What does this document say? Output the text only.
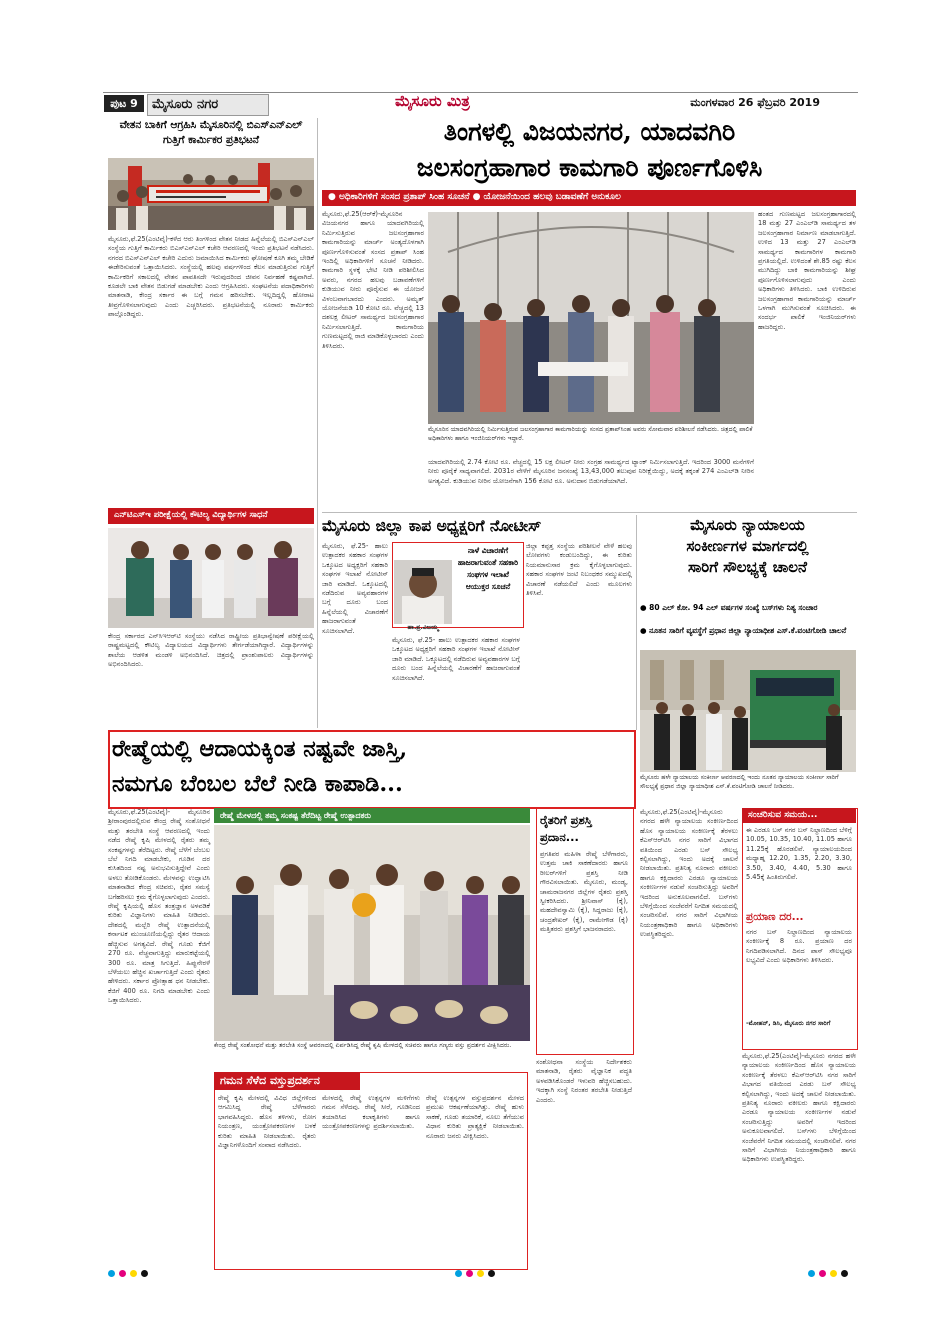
ಪುಟ 9	ಮೈಸೂರು ನಗರ	ಮೈಸೂರು ಮಿತ್ರ	ಮಂಗಳವಾರ 26 ಫೆಬ್ರವರಿ 2019
ವೇತನ ಬಾಕಿಗೆ ಆಗ್ರಹಿಸಿ ಮೈಸೂರಿನಲ್ಲಿ ಬಿಎಸ್‌ಎನ್‌ಎಲ್ ಗುತ್ತಿಗೆ ಕಾರ್ಮಿಕರ ಪ್ರತಿಭಟನೆ
ಮೈಸೂರು,ಫೆ.25(ಎಂಟಿವೈ)-ಕಳೆದ ಆರು ತಿಂಗಳಿಂದ ವೇತನ ನೀಡದ ಹಿನ್ನೆಲೆಯಲ್ಲಿ ಬಿಎಸ್‌ಎನ್‌ಎಲ್ ಸಂಸ್ಥೆಯ ಗುತ್ತಿಗೆ ಕಾರ್ಮಿಕರು ಬಿಎಸ್‌ಎನ್‌ಎಲ್ ಕಚೇರಿ ಆವರಣದಲ್ಲಿ ಇಂದು ಪ್ರತಿಭಟನೆ ನಡೆಸಿದರು. ನಗರದ ಬಿಎಸ್‌ಎನ್‌ಎಲ್ ಕಚೇರಿ ಎದುರು ಜಮಾಯಿಸಿದ ಕಾರ್ಮಿಕರು ಘೋಷಣೆ ಕೂಗಿ ತಮ್ಮ ಬೇಡಿಕೆ ಈಡೇರಿಸುವಂತೆ ಒತ್ತಾಯಿಸಿದರು. ಸಂಸ್ಥೆಯಲ್ಲಿ ಹಲವು ವರ್ಷಗಳಿಂದ ಕೆಲಸ ಮಾಡುತ್ತಿರುವ ಗುತ್ತಿಗೆ ಕಾರ್ಮಿಕರಿಗೆ ಸಕಾಲದಲ್ಲಿ ವೇತನ ಪಾವತಿಸದೇ ಇರುವುದರಿಂದ ಜೀವನ ನಿರ್ವಹಣೆ ಕಷ್ಟವಾಗಿದೆ. ಕೂಡಲೇ ಬಾಕಿ ವೇತನ ಬಿಡುಗಡೆ ಮಾಡಬೇಕು ಎಂದು ಆಗ್ರಹಿಸಿದರು. ಸಂಘಟನೆಯ ಪದಾಧಿಕಾರಿಗಳು ಮಾತನಾಡಿ, ಕೇಂದ್ರ ಸರ್ಕಾರ ಈ ಬಗ್ಗೆ ಗಮನ ಹರಿಸಬೇಕು. ಇಲ್ಲದಿದ್ದಲ್ಲಿ ಹೋರಾಟ ತೀವ್ರಗೊಳಿಸಲಾಗುವುದು ಎಂದು ಎಚ್ಚರಿಸಿದರು. ಪ್ರತಿಭಟನೆಯಲ್ಲಿ ನೂರಾರು ಕಾರ್ಮಿಕರು ಪಾಲ್ಗೊಂಡಿದ್ದರು.
ಎನ್‌ಟಿಎಸ್‌ಇ ಪರೀಕ್ಷೆಯಲ್ಲಿ ಕೌಟಿಲ್ಯ ವಿದ್ಯಾರ್ಥಿಗಳ ಸಾಧನೆ
ಕೇಂದ್ರ ಸರ್ಕಾರದ ಎನ್‌ಸಿಇಆರ್‌ಟಿ ಸಂಸ್ಥೆಯು ನಡೆಸಿದ ರಾಷ್ಟ್ರೀಯ ಪ್ರತಿಭಾನ್ವೇಷಣೆ ಪರೀಕ್ಷೆಯಲ್ಲಿ ರಾಷ್ಟ್ರಮಟ್ಟದಲ್ಲಿ ಕೌಟಿಲ್ಯ ವಿದ್ಯಾಲಯದ ವಿದ್ಯಾರ್ಥಿಗಳು ತೇರ್ಗಡೆಯಾಗಿದ್ದಾರೆ. ವಿದ್ಯಾರ್ಥಿಗಳನ್ನು ಶಾಲೆಯ ಆಡಳಿತ ಮಂಡಳಿ ಅಭಿನಂದಿಸಿದೆ. ಚಿತ್ರದಲ್ಲಿ ಪ್ರಾಂಶುಪಾಲರು ವಿದ್ಯಾರ್ಥಿಗಳನ್ನು ಅಭಿನಂದಿಸಿದರು.
ತಿಂಗಳಲ್ಲಿ ವಿಜಯನಗರ, ಯಾದವಗಿರಿ
ಜಲಸಂಗ್ರಹಾಗಾರ ಕಾಮಗಾರಿ ಪೂರ್ಣಗೊಳಿಸಿ
● ಅಧಿಕಾರಿಗಳಿಗೆ ಸಂಸದ ಪ್ರತಾಪ್ ಸಿಂಹ ಸೂಚನೆ ● ಯೋಜನೆಯಿಂದ ಹಲವು ಬಡಾವಣೆಗೆ ಅನುಕೂಲ
ಮೈಸೂರು,ಫೆ.25(ಆರ್‌ಕೆ)-ಮೈಸೂರಿನ ವಿಜಯನಗರ ಹಾಗೂ ಯಾದವಗಿರಿಯಲ್ಲಿ ನಿರ್ಮಿಸುತ್ತಿರುವ ಜಲಸಂಗ್ರಹಾಗಾರ ಕಾಮಗಾರಿಯನ್ನು ಮಾರ್ಚ್ ಅಂತ್ಯದೊಳಗಾಗಿ ಪೂರ್ಣಗೊಳಿಸುವಂತೆ ಸಂಸದ ಪ್ರತಾಪ್ ಸಿಂಹ ಇಂದಿಲ್ಲಿ ಅಧಿಕಾರಿಗಳಿಗೆ ಸೂಚನೆ ನೀಡಿದರು. ಕಾಮಗಾರಿ ಸ್ಥಳಕ್ಕೆ ಭೇಟಿ ನೀಡಿ ಪರಿಶೀಲಿಸಿದ ಅವರು, ನಗರದ ಹಲವು ಬಡಾವಣೆಗಳಿಗೆ ಕುಡಿಯುವ ನೀರು ಪೂರೈಸುವ ಈ ಯೋಜನೆ ವಿಳಂಬವಾಗಬಾರದು ಎಂದರು. ಅಮೃತ್ ಯೋಜನೆಯಡಿ 10 ಕೋಟಿ ರೂ. ವೆಚ್ಚದಲ್ಲಿ 13 ದಶಲಕ್ಷ ಲೀಟರ್ ಸಾಮರ್ಥ್ಯದ ಜಲಸಂಗ್ರಹಾಗಾರ ನಿರ್ಮಿಸಲಾಗುತ್ತಿದೆ. ಕಾಮಗಾರಿಯ ಗುಣಮಟ್ಟದಲ್ಲಿ ರಾಜಿ ಮಾಡಿಕೊಳ್ಳಬಾರದು ಎಂದು ತಿಳಿಸಿದರು.
ಮೈಸೂರಿನ ಯಾದವಗಿರಿಯಲ್ಲಿ ನಿರ್ಮಿಸುತ್ತಿರುವ ಜಲಸಂಗ್ರಹಾಗಾರ ಕಾಮಗಾರಿಯನ್ನು ಸಂಸದ ಪ್ರತಾಪ್‌ಸಿಂಹ ಅವರು ಸೋಮವಾರ ಪರಿಶೀಲನೆ ನಡೆಸಿದರು. ಚಿತ್ರದಲ್ಲಿ ಪಾಲಿಕೆ ಅಧಿಕಾರಿಗಳು ಹಾಗೂ ಇಂಜಿನಿಯರ್‌ಗಳು ಇದ್ದಾರೆ.
ಯಾದವಗಿರಿಯಲ್ಲಿ 2.74 ಕೋಟಿ ರೂ. ವೆಚ್ಚದಲ್ಲಿ 15 ಲಕ್ಷ ಲೀಟರ್ ನೀರು ಸಂಗ್ರಹ ಸಾಮರ್ಥ್ಯದ ಟ್ಯಾಂಕ್ ನಿರ್ಮಿಸಲಾಗುತ್ತಿದೆ. ಇದರಿಂದ 3000 ಮನೆಗಳಿಗೆ ನೀರು ಪೂರೈಕೆ ಸಾಧ್ಯವಾಗಲಿದೆ. 2031ರ ವೇಳೆಗೆ ಮೈಸೂರಿನ ಜನಸಂಖ್ಯೆ 13,43,000 ತಲುಪುವ ನಿರೀಕ್ಷೆಯಿದ್ದು, ಅದಕ್ಕೆ ತಕ್ಕಂತೆ 274 ಎಂಎಲ್‌ಡಿ ನೀರಿನ ಅಗತ್ಯವಿದೆ. ಕುಡಿಯುವ ನೀರಿನ ಯೋಜನೆಗಾಗಿ 156 ಕೋಟಿ ರೂ. ಅನುದಾನ ಬಿಡುಗಡೆಯಾಗಿದೆ.
ಹಂತದ ಗುಣಮಟ್ಟದ ಜಲಸಂಗ್ರಹಾಗಾರದಲ್ಲಿ 18 ಮತ್ತು 27 ಎಂಎಲ್‌ಡಿ ಸಾಮರ್ಥ್ಯದ ತಳ ಜಲಸಂಗ್ರಹಾಗಾರ ನಿರ್ಮಾಣ ಮಾಡಲಾಗುತ್ತಿದೆ. ಉಳಿದ 13 ಮತ್ತು 27 ಎಂಎಲ್‌ಡಿ ಸಾಮರ್ಥ್ಯದ ಕಾಮಗಾರಿಗಳ ಕಾಮಗಾರಿ ಪ್ರಗತಿಯಲ್ಲಿದೆ. ಉಳಿದಂತೆ ಶೇ.85 ರಷ್ಟು ಕೆಲಸ ಮುಗಿದಿದ್ದು ಬಾಕಿ ಕಾಮಗಾರಿಯನ್ನು ಶೀಘ್ರ ಪೂರ್ಣಗೊಳಿಸಲಾಗುವುದು ಎಂದು ಅಧಿಕಾರಿಗಳು ತಿಳಿಸಿದರು. ಬಾಕಿ ಉಳಿದಿರುವ ಜಲಸಂಗ್ರಹಾಗಾರ ಕಾಮಗಾರಿಯನ್ನು ಮಾರ್ಚ್ ಒಳಗಾಗಿ ಮುಗಿಸುವಂತೆ ಸೂಚಿಸಿದರು. ಈ ಸಂದರ್ಭ ಪಾಲಿಕೆ ಇಂಜಿನಿಯರ್‌ಗಳು ಹಾಜರಿದ್ದರು.
ಮೈಸೂರು ಜಿಲ್ಲಾ ಕಾಪ ಅಧ್ಯಕ್ಷರಿಗೆ ನೋಟೀಸ್
ಮೈಸೂರು, ಫೆ.25- ಹಾಲು ಉತ್ಪಾದಕರ ಸಹಕಾರ ಸಂಘಗಳ ಒಕ್ಕೂಟದ ಅಧ್ಯಕ್ಷರಿಗೆ ಸಹಕಾರಿ ಸಂಘಗಳ ಇಲಾಖೆ ನೋಟೀಸ್ ಜಾರಿ ಮಾಡಿದೆ. ಒಕ್ಕೂಟದಲ್ಲಿ ನಡೆದಿರುವ ಅವ್ಯವಹಾರಗಳ ಬಗ್ಗೆ ದೂರು ಬಂದ ಹಿನ್ನೆಲೆಯಲ್ಲಿ ವಿಚಾರಣೆಗೆ ಹಾಜರಾಗುವಂತೆ ಸೂಚಿಸಲಾಗಿದೆ.	ಹಾ.ಪ್ರ.ವಿಜಯ್ಮ
ನಾಳೆ ವಿಚಾರಣೆಗೆ ಹಾಜರಾಗುವಂತೆ ಸಹಕಾರಿ ಸಂಘಗಳ ಇಲಾಖೆ ಆಯುಕ್ತರ ಸೂಚನೆ
ಮೈಸೂರು, ಫೆ.25- ಹಾಲು ಉತ್ಪಾದಕರ ಸಹಕಾರ ಸಂಘಗಳ ಒಕ್ಕೂಟದ ಅಧ್ಯಕ್ಷರಿಗೆ ಸಹಕಾರಿ ಸಂಘಗಳ ಇಲಾಖೆ ನೋಟೀಸ್ ಜಾರಿ ಮಾಡಿದೆ. ಒಕ್ಕೂಟದಲ್ಲಿ ನಡೆದಿರುವ ಅವ್ಯವಹಾರಗಳ ಬಗ್ಗೆ ದೂರು ಬಂದ ಹಿನ್ನೆಲೆಯಲ್ಲಿ ವಿಚಾರಣೆಗೆ ಹಾಜರಾಗುವಂತೆ ಸೂಚಿಸಲಾಗಿದೆ.
ಜಿಲ್ಲಾ ಕಪ್ಪತ್ತ ಸಂಸ್ಥೆಯ ಪರಿಶೀಲನೆ ವೇಳೆ ಹಲವು ಲೋಪಗಳು ಕಂಡುಬಂದಿದ್ದು, ಈ ಕುರಿತು ನಿಯಮಾನುಸಾರ ಕ್ರಮ ಕೈಗೊಳ್ಳಲಾಗುವುದು. ಸಹಕಾರ ಸಂಘಗಳ ಜಂಟಿ ನಿಬಂಧಕರ ಸಮ್ಮುಖದಲ್ಲಿ ವಿಚಾರಣೆ ನಡೆಯಲಿದೆ ಎಂದು ಮೂಲಗಳು ತಿಳಿಸಿವೆ.
ಮೈಸೂರು ನ್ಯಾಯಾಲಯ
ಸಂಕೀರ್ಣಗಳ ಮಾರ್ಗದಲ್ಲಿ
ಸಾರಿಗೆ ಸೌಲಭ್ಯಕ್ಕೆ ಚಾಲನೆ
● 80 ಎಲ್ ಕೋ. 94 ಎಲ್ ವರ್ಷಗಳ ಸಂಖ್ಯೆ ಬಸ್‌ಗಳು ನಿತ್ಯ ಸಂಚಾರ
● ನೂತನ ಸಾರಿಗೆ ವ್ಯವಸ್ಥೆಗೆ ಪ್ರಧಾನ ಜಿಲ್ಲಾ ನ್ಯಾಯಾಧೀಶ ಎಸ್.ಕೆ.ವಂಟಿಗೋಡಿ ಚಾಲನೆ
ಮೈಸೂರು ಹಳೇ ನ್ಯಾಯಾಲಯ ಸಂಕೀರ್ಣ ಆವರಣದಲ್ಲಿ ಇಂದು ನೂತನ ನ್ಯಾಯಾಲಯ ಸಂಕೀರ್ಣ ಸಾರಿಗೆ ಸೌಲಭ್ಯಕ್ಕೆ ಪ್ರಧಾನ ಜಿಲ್ಲಾ ನ್ಯಾಯಾಧೀಶ ಎಸ್.ಕೆ.ವಂಟಿಗೋಡಿ ಚಾಲನೆ ನೀಡಿದರು.
ರೇಷ್ಮೆಯಲ್ಲಿ ಆದಾಯಕ್ಕಿಂತ ನಷ್ಟವೇ ಜಾಸ್ತಿ,
ನಮಗೂ ಬೆಂಬಲ ಬೆಲೆ ನೀಡಿ ಕಾಪಾಡಿ...
ಮೈಸೂರು,ಫೆ.25(ಎಂಟಿವೈ)- ಮೈಸೂರಿನ ಶ್ರೀರಾಂಪುರದಲ್ಲಿರುವ ಕೇಂದ್ರ ರೇಷ್ಮೆ ಸಂಶೋಧನೆ ಮತ್ತು ತರಬೇತಿ ಸಂಸ್ಥೆ ಆವರಣದಲ್ಲಿ ಇಂದು ನಡೆದ ರೇಷ್ಮೆ ಕೃಷಿ ಮೇಳದಲ್ಲಿ ರೈತರು ತಮ್ಮ ಸಂಕಷ್ಟಗಳನ್ನು ತೆರೆದಿಟ್ಟರು. ರೇಷ್ಮೆ ಬೆಳೆಗೆ ಬೆಂಬಲ ಬೆಲೆ ನಿಗದಿ ಮಾಡಬೇಕು, ಗೂಡಿನ ದರ ಕುಸಿತದಿಂದ ನಷ್ಟ ಅನುಭವಿಸುತ್ತಿದ್ದೇವೆ ಎಂದು ಅಳಲು ತೋಡಿಕೊಂಡರು. ಮೇಳವನ್ನು ಉದ್ಘಾಟಿಸಿ ಮಾತನಾಡಿದ ಕೇಂದ್ರ ಸಚಿವರು, ರೈತರ ಸಮಸ್ಯೆ ಬಗೆಹರಿಸಲು ಕ್ರಮ ಕೈಗೊಳ್ಳಲಾಗುವುದು ಎಂದರು. ರೇಷ್ಮೆ ಕೃಷಿಯಲ್ಲಿ ಹೊಸ ತಂತ್ರಜ್ಞಾನ ಅಳವಡಿಕೆ ಕುರಿತು ವಿಜ್ಞಾನಿಗಳು ಮಾಹಿತಿ ನೀಡಿದರು. ದೇಶದಲ್ಲಿ ಮಲ್ಬೆರಿ ರೇಷ್ಮೆ ಉತ್ಪಾದನೆಯಲ್ಲಿ ಕರ್ನಾಟಕ ಮುಂಚೂಣಿಯಲ್ಲಿದ್ದು ರೈತರ ಆದಾಯ ಹೆಚ್ಚಿಸುವ ಅಗತ್ಯವಿದೆ. ರೇಷ್ಮೆ ಗೂಡು ಕೆಜಿಗೆ 270 ರೂ. ವೆಚ್ಚವಾಗುತ್ತಿದ್ದು ಮಾರುಕಟ್ಟೆಯಲ್ಲಿ 300 ರೂ. ಮಾತ್ರ ಸಿಗುತ್ತಿದೆ. ಹಿಪ್ಪುನೇರಳೆ ಬೆಳೆಯಲು ಹೆಚ್ಚಿನ ಖರ್ಚಾಗುತ್ತಿದೆ ಎಂದು ರೈತರು ಹೇಳಿದರು. ಸರ್ಕಾರ ಪ್ರೋತ್ಸಾಹ ಧನ ನೀಡಬೇಕು. ಕೆಜಿಗೆ 400 ರೂ. ನಿಗದಿ ಮಾಡಬೇಕು ಎಂದು ಒತ್ತಾಯಿಸಿದರು.
ರೇಷ್ಮೆ ಮೇಳದಲ್ಲಿ ತಮ್ಮ ಸಂಕಷ್ಟ ತೆರೆದಿಟ್ಟ ರೇಷ್ಮೆ ಉತ್ಪಾದಕರು
ಕೇಂದ್ರ ರೇಷ್ಮೆ ಸಂಶೋಧನೆ ಮತ್ತು ತರಬೇತಿ ಸಂಸ್ಥೆ ಆವರಣದಲ್ಲಿ ಏರ್ಪಡಿಸಿದ್ದ ರೇಷ್ಮೆ ಕೃಷಿ ಮೇಳದಲ್ಲಿ ಸಚಿವರು ಹಾಗೂ ಗಣ್ಯರು ವಸ್ತು ಪ್ರದರ್ಶನ ವೀಕ್ಷಿಸಿದರು.
ರೈತರಿಗೆ ಪ್ರಶಸ್ತಿ ಪ್ರದಾನ...
ಪ್ರಗತಿಪರ ಮಹಿಳಾ ರೇಷ್ಮೆ ಬೆಳೆಗಾರರು, ಉತ್ತಮ ಚಾಕಿ ಸಾಕಣೆದಾರರು ಹಾಗೂ ರೀಲರ್‌ಗಳಿಗೆ ಪ್ರಶಸ್ತಿ ನೀಡಿ ಗೌರವಿಸಲಾಯಿತು. ಮೈಸೂರು, ಮಂಡ್ಯ, ಚಾಮರಾಜನಗರ ಜಿಲ್ಲೆಗಳ ರೈತರು ಪ್ರಶಸ್ತಿ ಸ್ವೀಕರಿಸಿದರು. ಶ್ರೀನಿವಾಸ್ (ಕೈ), ಮಹದೇವಸ್ವಾಮಿ (ಕೈ), ಸಿದ್ದರಾಜು (ಕೈ), ಚಂದ್ರಶೇಖರ್ (ಕೈ), ರಾಮೇಗೌಡ (ಕೈ) ಮತ್ತಿತರರು ಪ್ರಶಸ್ತಿಗೆ ಭಾಜನರಾದರು.
ಗಮನ ಸೆಳೆದ ವಸ್ತುಪ್ರದರ್ಶನ
ರೇಷ್ಮೆ ಕೃಷಿ ಮೇಳದಲ್ಲಿ ವಿವಿಧ ಜಿಲ್ಲೆಗಳಿಂದ ಆಗಮಿಸಿದ್ದ ರೇಷ್ಮೆ ಬೆಳೆಗಾರರು ಭಾಗವಹಿಸಿದ್ದರು. ಹೊಸ ತಳಿಗಳು, ರೋಗ ನಿಯಂತ್ರಣ, ಯಂತ್ರೋಪಕರಣಗಳ ಬಳಕೆ ಕುರಿತು ಮಾಹಿತಿ ನೀಡಲಾಯಿತು. ರೈತರು ವಿಜ್ಞಾನಿಗಳೊಂದಿಗೆ ಸಂವಾದ ನಡೆಸಿದರು.
ಮೇಳದಲ್ಲಿ ರೇಷ್ಮೆ ಉತ್ಪನ್ನಗಳ ಮಳಿಗೆಗಳು ಗಮನ ಸೆಳೆದವು. ರೇಷ್ಮೆ ಸೀರೆ, ಗೂಡಿನಿಂದ ತಯಾರಿಸಿದ ಕಲಾಕೃತಿಗಳು ಹಾಗೂ ಯಂತ್ರೋಪಕರಣಗಳನ್ನು ಪ್ರದರ್ಶಿಸಲಾಯಿತು.
ರೇಷ್ಮೆ ಉತ್ಪನ್ನಗಳ ವಸ್ತುಪ್ರದರ್ಶನ ಮೇಳದ ಪ್ರಮುಖ ಆಕರ್ಷಣೆಯಾಗಿತ್ತು. ರೇಷ್ಮೆ ಹುಳು ಸಾಕಣೆ, ಗೂಡು ತಯಾರಿಕೆ, ನೂಲು ತೆಗೆಯುವ ವಿಧಾನ ಕುರಿತು ಪ್ರಾತ್ಯಕ್ಷಿಕೆ ನೀಡಲಾಯಿತು. ನೂರಾರು ಜನರು ವೀಕ್ಷಿಸಿದರು.
ಸಂಶೋಧನಾ ಸಂಸ್ಥೆಯ ನಿರ್ದೇಶಕರು ಮಾತನಾಡಿ, ರೈತರು ವೈಜ್ಞಾನಿಕ ಪದ್ಧತಿ ಅಳವಡಿಸಿಕೊಂಡರೆ ಇಳುವರಿ ಹೆಚ್ಚಿಸಬಹುದು. ಇದಕ್ಕಾಗಿ ಸಂಸ್ಥೆ ನಿರಂತರ ತರಬೇತಿ ನೀಡುತ್ತಿದೆ ಎಂದರು.
ಮೈಸೂರು,ಫೆ.25(ಎಂಟಿವೈ)-ಮೈಸೂರು ನಗರದ ಹಳೇ ನ್ಯಾಯಾಲಯ ಸಂಕೀರ್ಣದಿಂದ ಹೊಸ ನ್ಯಾಯಾಲಯ ಸಂಕೀರ್ಣಕ್ಕೆ ತೆರಳಲು ಕೆಎಸ್‌ಆರ್‌ಟಿಸಿ ನಗರ ಸಾರಿಗೆ ವಿಭಾಗದ ವತಿಯಿಂದ ಎರಡು ಬಸ್ ಸೌಲಭ್ಯ ಕಲ್ಪಿಸಲಾಗಿದ್ದು, ಇಂದು ಅದಕ್ಕೆ ಚಾಲನೆ ನೀಡಲಾಯಿತು. ಪ್ರತಿನಿತ್ಯ ನೂರಾರು ವಕೀಲರು ಹಾಗೂ ಕಕ್ಷಿದಾರರು ಎರಡೂ ನ್ಯಾಯಾಲಯ ಸಂಕೀರ್ಣಗಳ ನಡುವೆ ಸಂಚರಿಸುತ್ತಿದ್ದು ಅವರಿಗೆ ಇದರಿಂದ ಅನುಕೂಲವಾಗಲಿದೆ. ಬಸ್‌ಗಳು ಬೆಳಿಗ್ಗೆಯಿಂದ ಸಂಜೆವರೆಗೆ ನಿಗದಿತ ಸಮಯದಲ್ಲಿ ಸಂಚರಿಸಲಿವೆ. ನಗರ ಸಾರಿಗೆ ವಿಭಾಗೀಯ ನಿಯಂತ್ರಣಾಧಿಕಾರಿ ಹಾಗೂ ಅಧಿಕಾರಿಗಳು ಉಪಸ್ಥಿತರಿದ್ದರು.
ಸಂಚರಿಸುವ ಸಮಯ...
ಈ ಎರಡೂ ಬಸ್ ನಗರ ಬಸ್ ನಿಲ್ದಾಣದಿಂದ ಬೆಳಿಗ್ಗೆ 10.05, 10.35, 10.40, 11.05 ಹಾಗೂ 11.25ಕ್ಕೆ ಹೊರಡಲಿವೆ. ನ್ಯಾಯಾಲಯದಿಂದ ಮಧ್ಯಾಹ್ನ 12.20, 1.35, 2.20, 3.30, 3.50, 3.40, 4.40, 5.30 ಹಾಗೂ 5.45ಕ್ಕೆ ಹಿಂತಿರುಗಲಿವೆ.
ಪ್ರಯಾಣ ದರ...
ನಗರ ಬಸ್ ನಿಲ್ದಾಣದಿಂದ ನ್ಯಾಯಾಲಯ ಸಂಕೀರ್ಣಕ್ಕೆ 8 ರೂ. ಪ್ರಯಾಣ ದರ ನಿಗದಿಪಡಿಸಲಾಗಿದೆ. ದಿನದ ಪಾಸ್ ಸೌಲಭ್ಯವೂ ಲಭ್ಯವಿದೆ ಎಂದು ಅಧಿಕಾರಿಗಳು ತಿಳಿಸಿದರು.
-ಮೋಹನ್, ಡಿಸಿ, ಮೈಸೂರು ನಗರ ಸಾರಿಗೆ
ಮೈಸೂರು,ಫೆ.25(ಎಂಟಿವೈ)-ಮೈಸೂರು ನಗರದ ಹಳೇ ನ್ಯಾಯಾಲಯ ಸಂಕೀರ್ಣದಿಂದ ಹೊಸ ನ್ಯಾಯಾಲಯ ಸಂಕೀರ್ಣಕ್ಕೆ ತೆರಳಲು ಕೆಎಸ್‌ಆರ್‌ಟಿಸಿ ನಗರ ಸಾರಿಗೆ ವಿಭಾಗದ ವತಿಯಿಂದ ಎರಡು ಬಸ್ ಸೌಲಭ್ಯ ಕಲ್ಪಿಸಲಾಗಿದ್ದು, ಇಂದು ಅದಕ್ಕೆ ಚಾಲನೆ ನೀಡಲಾಯಿತು. ಪ್ರತಿನಿತ್ಯ ನೂರಾರು ವಕೀಲರು ಹಾಗೂ ಕಕ್ಷಿದಾರರು ಎರಡೂ ನ್ಯಾಯಾಲಯ ಸಂಕೀರ್ಣಗಳ ನಡುವೆ ಸಂಚರಿಸುತ್ತಿದ್ದು ಅವರಿಗೆ ಇದರಿಂದ ಅನುಕೂಲವಾಗಲಿದೆ. ಬಸ್‌ಗಳು ಬೆಳಿಗ್ಗೆಯಿಂದ ಸಂಜೆವರೆಗೆ ನಿಗದಿತ ಸಮಯದಲ್ಲಿ ಸಂಚರಿಸಲಿವೆ. ನಗರ ಸಾರಿಗೆ ವಿಭಾಗೀಯ ನಿಯಂತ್ರಣಾಧಿಕಾರಿ ಹಾಗೂ ಅಧಿಕಾರಿಗಳು ಉಪಸ್ಥಿತರಿದ್ದರು.
